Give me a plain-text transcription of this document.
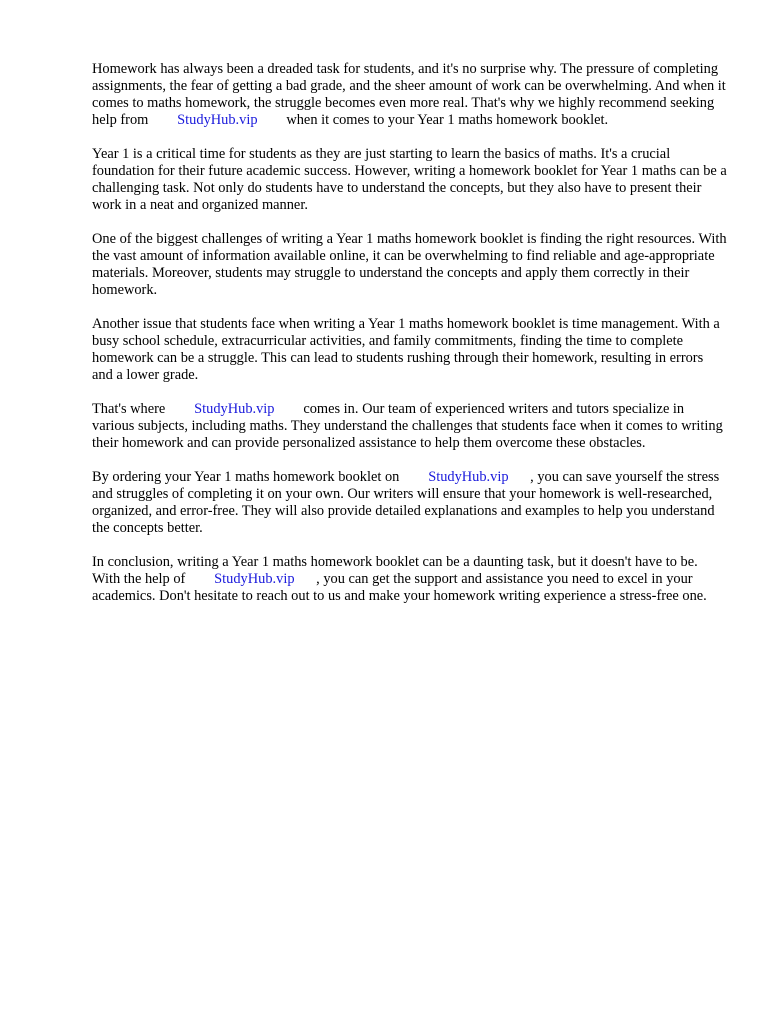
Homework has always been a dreaded task for students, and it's no surprise why. The pressure of completing assignments, the fear of getting a bad grade, and the sheer amount of work can be overwhelming. And when it comes to maths homework, the struggle becomes even more real. That's why we highly recommend seeking help from StudyHub.vip when it comes to your Year 1 maths homework booklet.

Year 1 is a critical time for students as they are just starting to learn the basics of maths. It's a crucial foundation for their future academic success. However, writing a homework booklet for Year 1 maths can be a challenging task. Not only do students have to understand the concepts, but they also have to present their work in a neat and organized manner.

One of the biggest challenges of writing a Year 1 maths homework booklet is finding the right resources. With the vast amount of information available online, it can be overwhelming to find reliable and age-appropriate materials. Moreover, students may struggle to understand the concepts and apply them correctly in their homework.

Another issue that students face when writing a Year 1 maths homework booklet is time management. With a busy school schedule, extracurricular activities, and family commitments, finding the time to complete homework can be a struggle. This can lead to students rushing through their homework, resulting in errors and a lower grade.

That's where StudyHub.vip comes in. Our team of experienced writers and tutors specialize in various subjects, including maths. They understand the challenges that students face when it comes to writing their homework and can provide personalized assistance to help them overcome these obstacles.

By ordering your Year 1 maths homework booklet on StudyHub.vip , you can save yourself the stress and struggles of completing it on your own. Our writers will ensure that your homework is well-researched, organized, and error-free. They will also provide detailed explanations and examples to help you understand the concepts better.

In conclusion, writing a Year 1 maths homework booklet can be a daunting task, but it doesn't have to be. With the help of StudyHub.vip , you can get the support and assistance you need to excel in your academics. Don't hesitate to reach out to us and make your homework writing experience a stress-free one.
